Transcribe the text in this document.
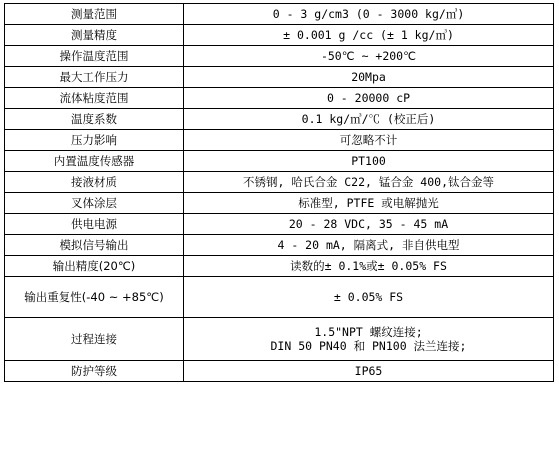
测量范围	0 - 3 g/cm3 (0 - 3000 kg/㎥)
测量精度	± 0.001 g /cc (± 1 kg/㎥)
操作温度范围	-50℃ ~ +200℃
最大工作压力	20Mpa
流体粘度范围	0 - 20000 cP
温度系数	0.1 kg/㎥/℃ (校正后)
压力影响	可忽略不计
内置温度传感器	PT100
接液材质	不锈钢, 哈氏合金 C22, 锰合金 400,钛合金等
叉体涂层	标准型, PTFE 或电解抛光
供电电源	20 - 28 VDC, 35 - 45 mA
模拟信号输出	4 - 20 mA, 隔离式, 非自供电型
输出精度(20℃)	读数的± 0.1%或± 0.05% FS
输出重复性(-40 ~ +85℃)	± 0.05% FS
过程连接	1.5"NPT 螺纹连接;
DIN 50 PN40 和 PN100 法兰连接;

防护等级	IP65
